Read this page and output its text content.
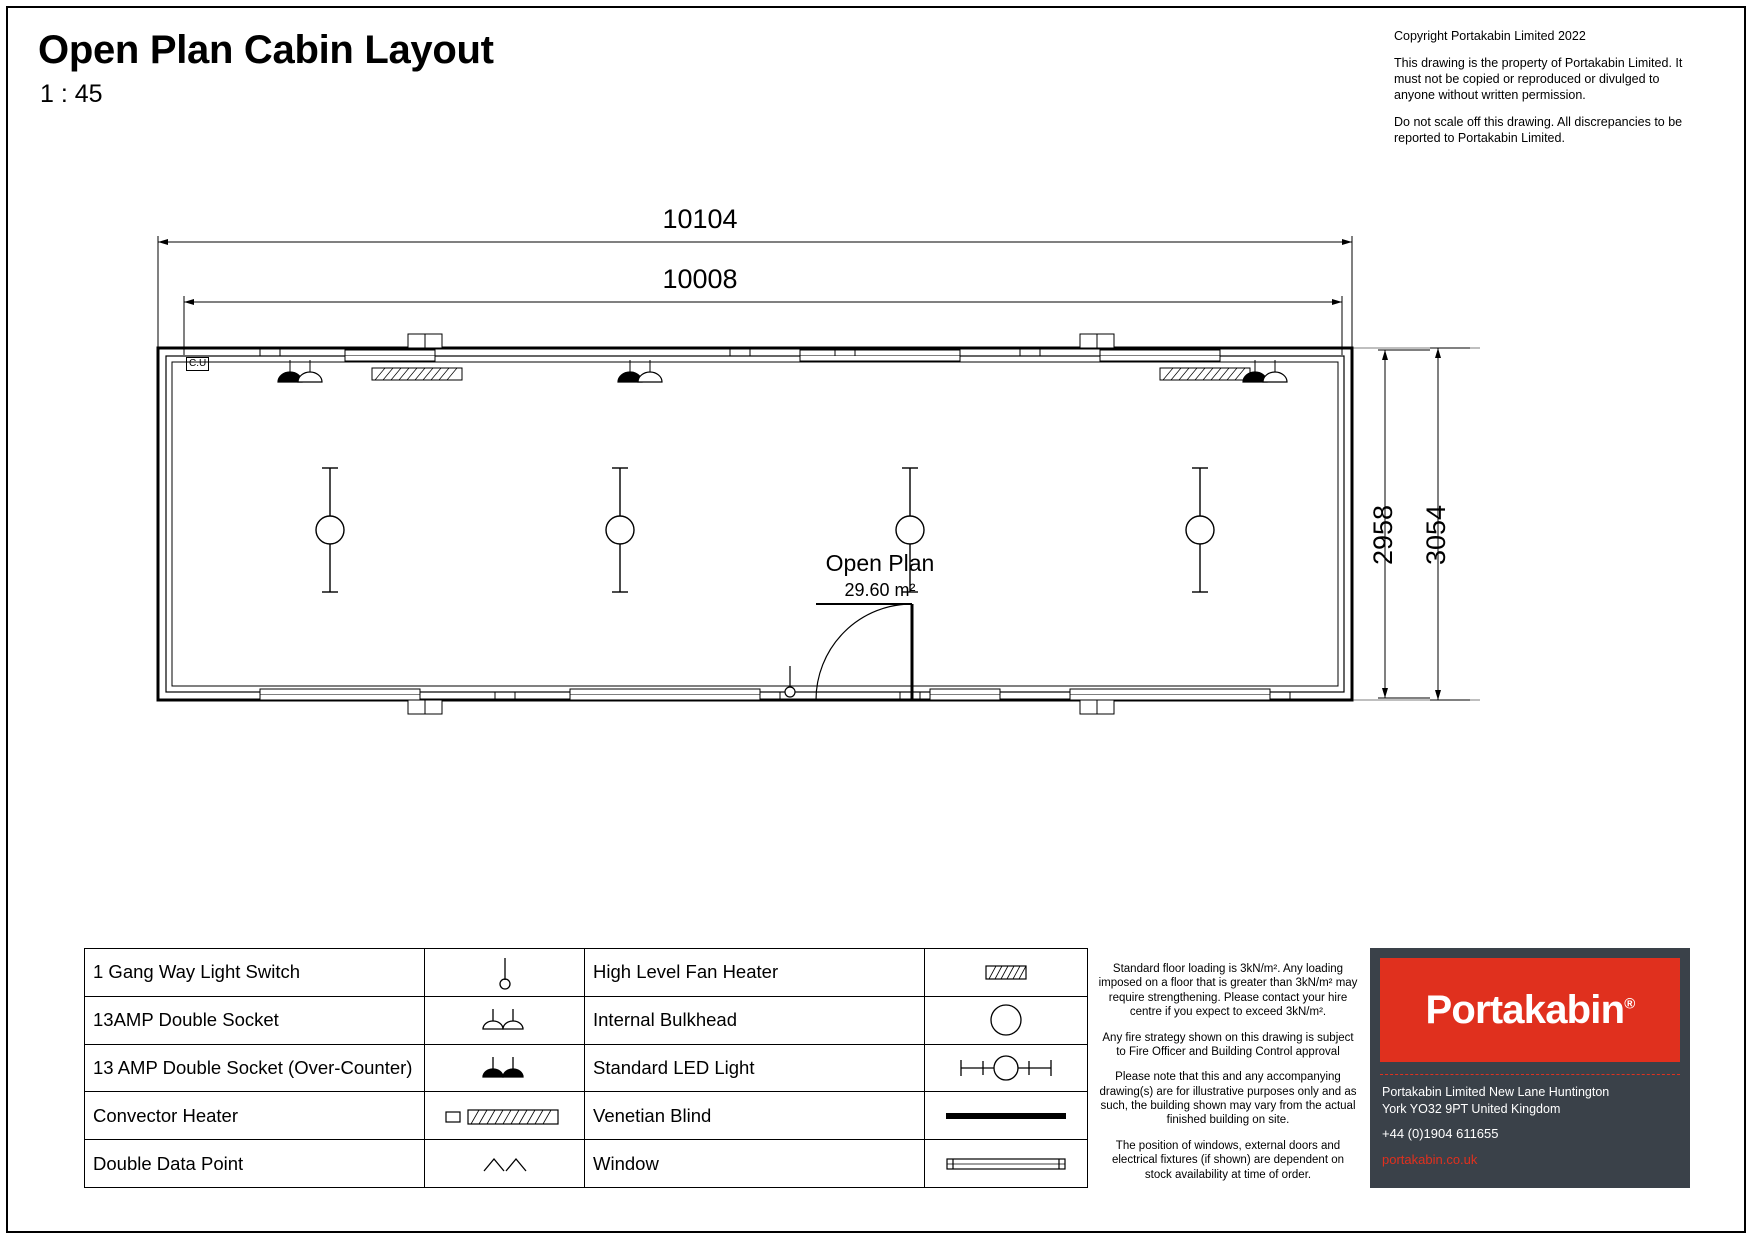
Open Plan Cabin Layout
1 : 45

Copyright Portakabin Limited 2022

This drawing is the property of Portakabin Limited. It must not be copied or reproduced or divulged to anyone without written permission.

Do not scale off this drawing. All discrepancies to be reported to Portakabin Limited.

10104
10008
2958 3054
Open Plan
29.60 m²
C.U
1 Gang Way Light Switch	High Level Fan Heater
13AMP Double Socket	Internal Bulkhead
13 AMP Double Socket (Over-Counter)	Standard LED Light
Convector Heater	Venetian Blind
Double Data Point	Window

Standard floor loading is 3kN/m². Any loading imposed on a floor that is greater than 3kN/m² may require strengthening. Please contact your hire centre if you expect to exceed 3kN/m².

Any fire strategy shown on this drawing is subject to Fire Officer and Building Control approval

Please note that this and any accompanying drawing(s) are for illustrative purposes only and as such, the building shown may vary from the actual finished building on site.

The position of windows, external doors and electrical fixtures (if shown) are dependent on stock availability at time of order.

Portakabin®
Portakabin Limited New Lane Huntington
York YO32 9PT United Kingdom
+44 (0)1904 611655
portakabin.co.uk
